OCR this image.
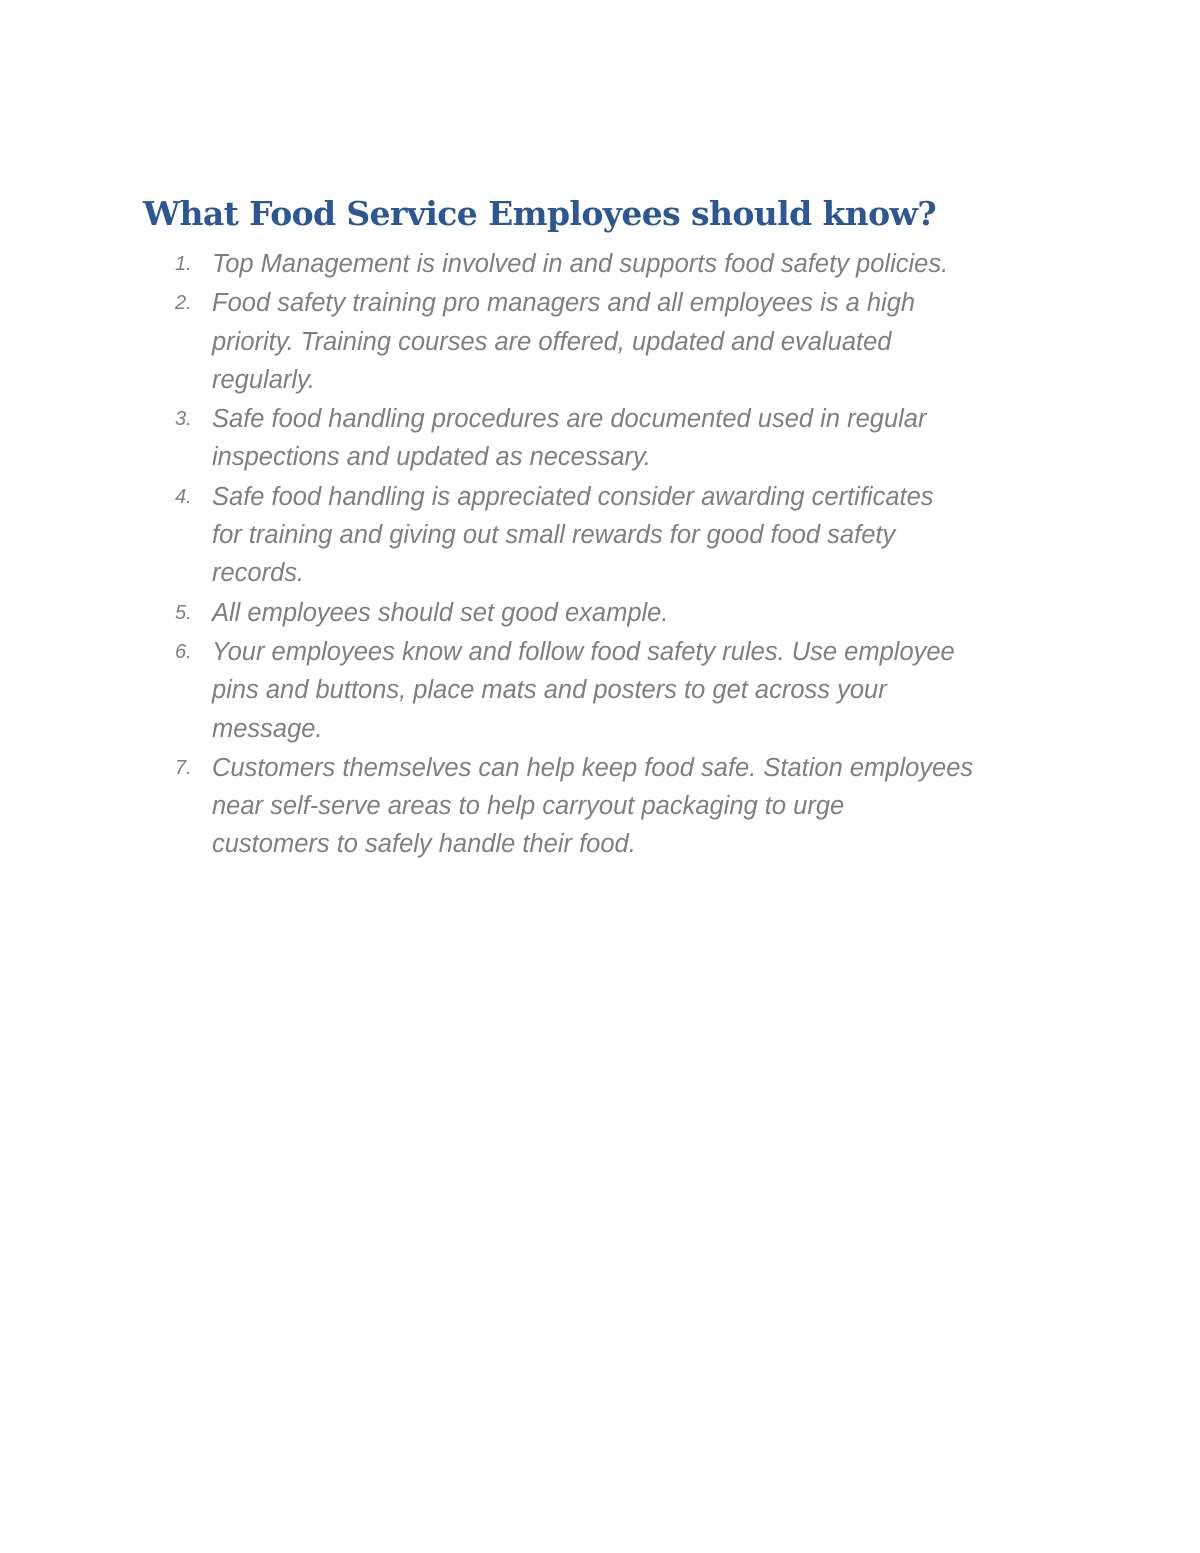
What Food Service Employees should know?
1. Top Management is involved in and supports food safety policies.
2. Food safety training pro managers and all employees is a high
priority. Training courses are offered, updated and evaluated
regularly.
3. Safe food handling procedures are documented used in regular
inspections and updated as necessary.
4. Safe food handling is appreciated consider awarding certificates
for training and giving out small rewards for good food safety
records.
5. All employees should set good example.
6. Your employees know and follow food safety rules. Use employee
pins and buttons, place mats and posters to get across your
message.
7. Customers themselves can help keep food safe. Station employees
near self-serve areas to help carryout packaging to urge
customers to safely handle their food.
